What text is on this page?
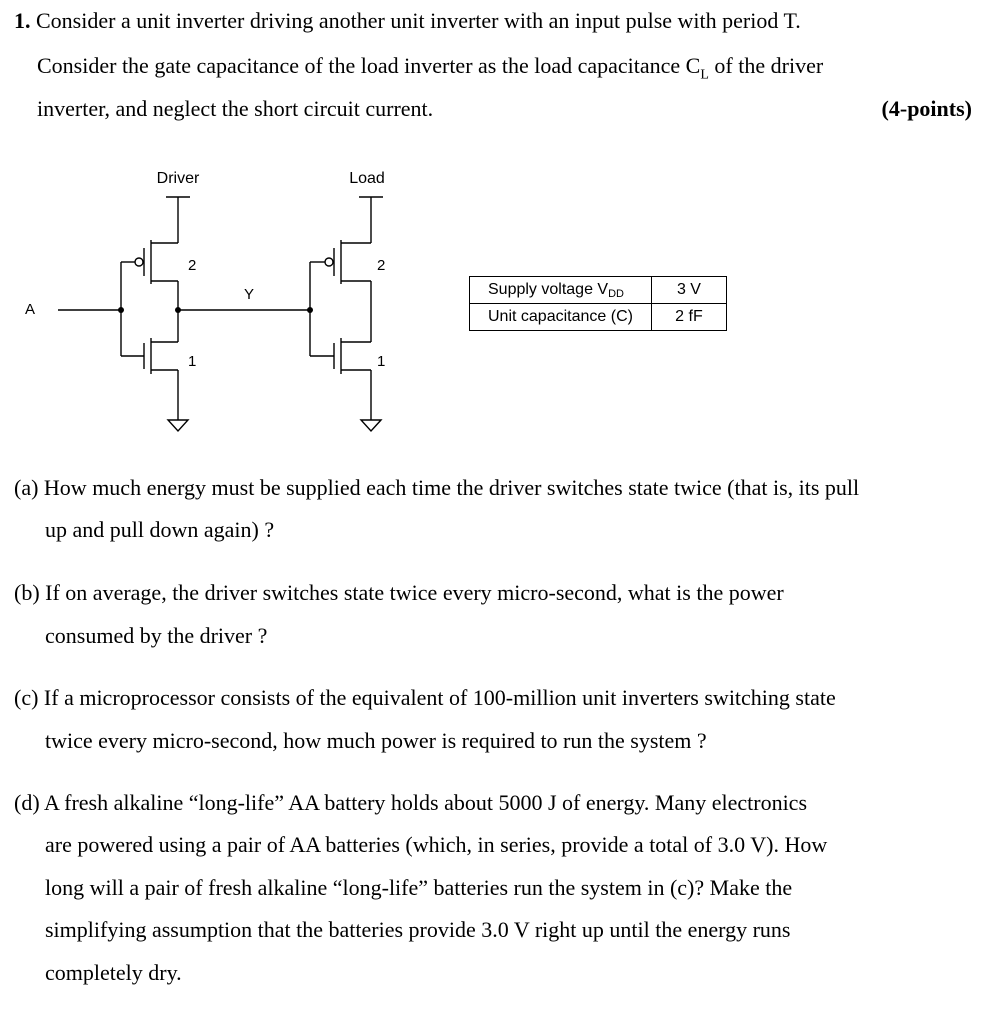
1. Consider a unit inverter driving another unit inverter with an input pulse with period T.
Consider the gate capacitance of the load inverter as the load capacitance $C_L$ of the driver
inverter, and neglect the short circuit current.	(4-points)
Driver	Load
A
Y
2
1
2
1
Supply voltage $V_{DD}$	3 V
Unit capacitance (C)	2 fF
(a) How much energy must be supplied each time the driver switches state twice (that is, its pull
up and pull down again) ?
(b) If on average, the driver switches state twice every micro-second, what is the power
consumed by the driver ?
(c) If a microprocessor consists of the equivalent of 100-million unit inverters switching state
twice every micro-second, how much power is required to run the system ?
(d) A fresh alkaline “long-life” AA battery holds about 5000 J of energy. Many electronics
are powered using a pair of AA batteries (which, in series, provide a total of 3.0 V). How
long will a pair of fresh alkaline “long-life” batteries run the system in (c)? Make the
simplifying assumption that the batteries provide 3.0 V right up until the energy runs
completely dry.
